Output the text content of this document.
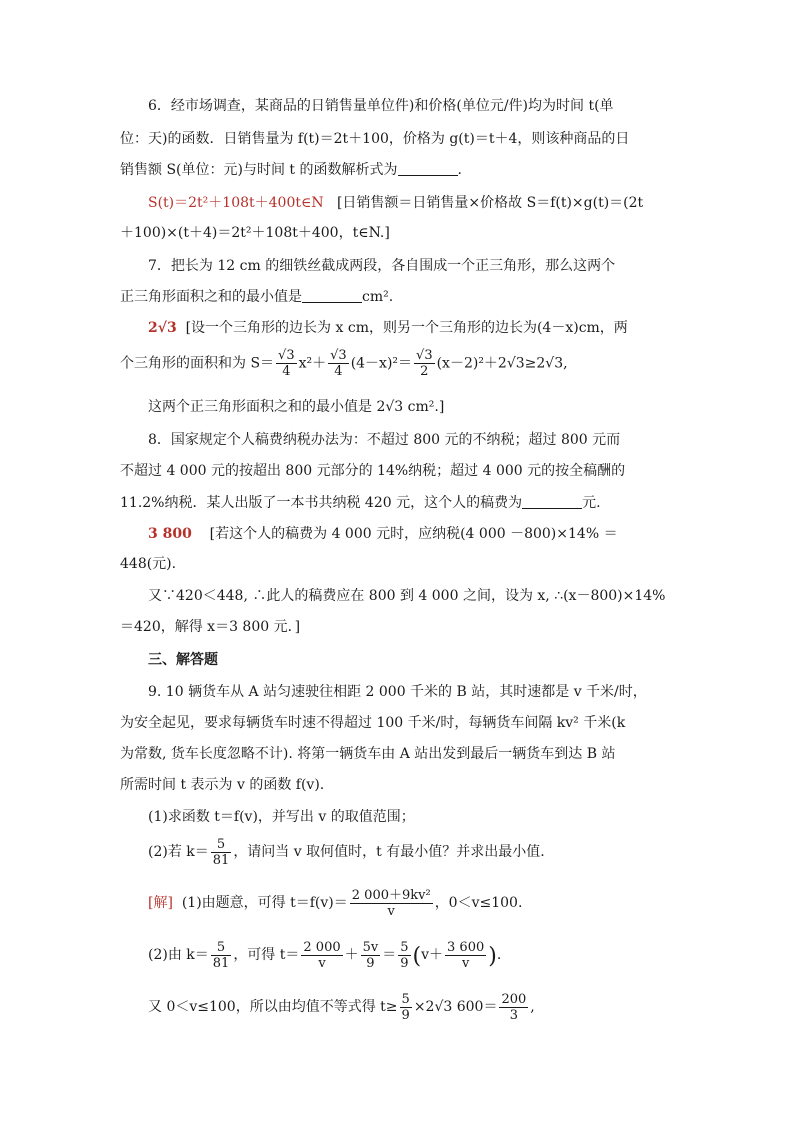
6．经市场调查，某商品的日销售量单位件)和价格(单位元/件)均为时间 t(单
位：天)的函数．日销售量为 f(t)＝2t＋100，价格为 g(t)＝t＋4，则该种商品的日
销售额 S(单位：元)与时间 t 的函数解析式为	.
S(t)＝2t²＋108t＋400t∈N [日销售额＝日销售量×价格故 S＝f(t)×g(t)＝(2t
＋100)×(t＋4)＝2t²＋108t＋400，t∈N.]
7．把长为 12 cm 的细铁丝截成两段，各自围成一个正三角形，那么这两个
正三角形面积之和的最小值是	cm².
2√3 [设一个三角形的边长为 x cm，则另一个三角形的边长为(4－x)cm，两
个三角形的面积和为 $S= \frac{√3}{4} x^2+ \frac{√3}{4} (4-x)^2= \frac{√3}{2} (x-2)^2+2√3\ge 2√3$,
这两个正三角形面积之和的最小值是 2√3 cm².]
8．国家规定个人稿费纳税办法为：不超过 800 元的不纳税；超过 800 元而
不超过 4 000 元的按超出 800 元部分的 14%纳税；超过 4 000 元的按全稿酬的
11.2%纳税．某人出版了一本书共纳税 420 元，这个人的稿费为	元.
3 800 [若这个人的稿费为 4 000 元时，应纳税(4 000 －800)×14% ＝
448(元).
又∵420＜448, ∴此人的稿费应在 800 到 4 000 之间，设为 x, ∴(x－800)×14%
＝420，解得 x＝3 800 元．]
三、解答题
9. 10 辆货车从 A 站匀速驶往相距 2 000 千米的 B 站，其时速都是 v 千米/时，
为安全起见，要求每辆货车时速不得超过 100 千米/时，每辆货车间隔 kv² 千米(k
为常数, 货车长度忽略不计). 将第一辆货车由 A 站出发到最后一辆货车到达 B 站
所需时间 t 表示为 v 的函数 f(v).
(1)求函数 t＝f(v)，并写出 v 的取值范围；
(2)若 $k= \frac{5}{81}$ ，请问当 v 取何值时，t 有最小值？并求出最小值.
[解] (1)由题意，可得 $t=f(v)= \frac{\text{2 000＋9kv²}}{v}$ ，0＜v≤100.
(2)由 $k= \frac{5}{81}$ ，可得 $t= \frac{2 000}{v} + \frac{5v}{9} = \frac{5}{9} (v+ \frac{3 600}{v}$ ).
又 0＜v≤100，所以由均值不等式得 $t\ge \frac{5}{9} \times 2√3$ $600= \frac{200}{3}$ ,
